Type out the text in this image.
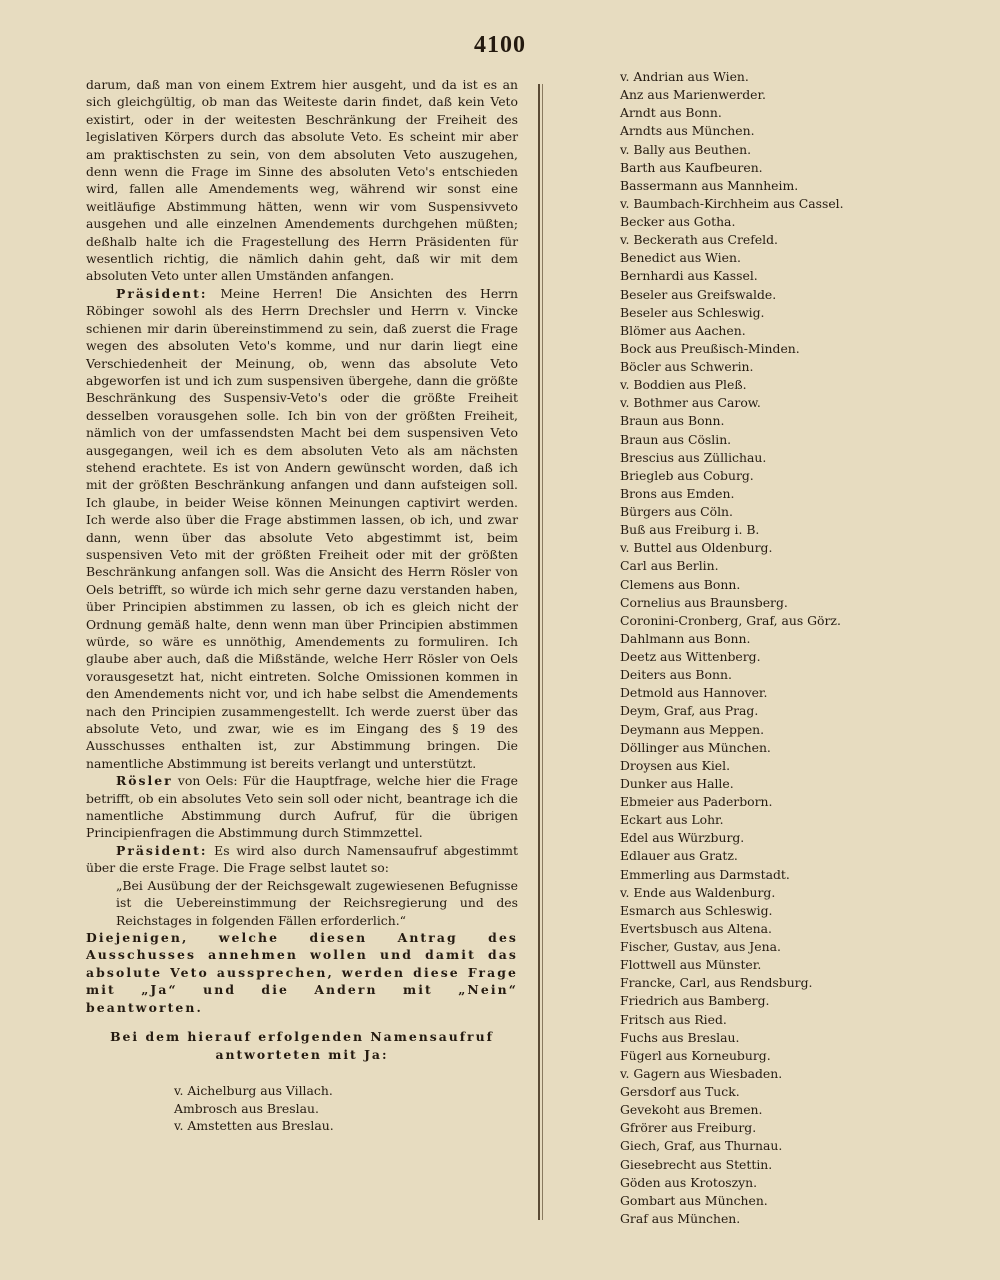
4100

darum, daß man von einem Extrem hier ausgeht, und da ist es an sich gleichgültig, ob man das Weiteste darin findet, daß kein Veto existirt, oder in der weitesten Beschränkung der Freiheit des legislativen Körpers durch das absolute Veto. Es scheint mir aber am praktischsten zu sein, von dem absoluten Veto auszugehen, denn wenn die Frage im Sinne des absoluten Veto's entschieden wird, fallen alle Amendements weg, während wir sonst eine weitläufige Abstimmung hätten, wenn wir vom Suspensivveto ausgehen und alle einzelnen Amendements durchgehen müßten; deßhalb halte ich die Fragestellung des Herrn Präsidenten für wesentlich richtig, die nämlich dahin geht, daß wir mit dem absoluten Veto unter allen Umständen anfangen.

Präsident: Meine Herren! Die Ansichten des Herrn Röbinger sowohl als des Herrn Drechsler und Herrn v. Vincke schienen mir darin übereinstimmend zu sein, daß zuerst die Frage wegen des absoluten Veto's komme, und nur darin liegt eine Verschiedenheit der Meinung, ob, wenn das absolute Veto abgeworfen ist und ich zum suspensiven übergehe, dann die größte Beschränkung des Suspensiv-Veto's oder die größte Freiheit desselben vorausgehen solle. Ich bin von der größten Freiheit, nämlich von der umfassendsten Macht bei dem suspensiven Veto ausgegangen, weil ich es dem absoluten Veto als am nächsten stehend erachtete. Es ist von Andern gewünscht worden, daß ich mit der größten Beschränkung anfangen und dann aufsteigen soll. Ich glaube, in beider Weise können Meinungen captivirt werden. Ich werde also über die Frage abstimmen lassen, ob ich, und zwar dann, wenn über das absolute Veto abgestimmt ist, beim suspensiven Veto mit der größten Freiheit oder mit der größten Beschränkung anfangen soll. Was die Ansicht des Herrn Rösler von Oels betrifft, so würde ich mich sehr gerne dazu verstanden haben, über Principien abstimmen zu lassen, ob ich es gleich nicht der Ordnung gemäß halte, denn wenn man über Principien abstimmen würde, so wäre es unnöthig, Amendements zu formuliren. Ich glaube aber auch, daß die Mißstände, welche Herr Rösler von Oels vorausgesetzt hat, nicht eintreten. Solche Omissionen kommen in den Amendements nicht vor, und ich habe selbst die Amendements nach den Principien zusammengestellt. Ich werde zuerst über das absolute Veto, und zwar, wie es im Eingang des § 19 des Ausschusses enthalten ist, zur Abstimmung bringen. Die namentliche Abstimmung ist bereits verlangt und unterstützt.

Rösler von Oels: Für die Hauptfrage, welche hier die Frage betrifft, ob ein absolutes Veto sein soll oder nicht, beantrage ich die namentliche Abstimmung durch Aufruf, für die übrigen Principienfragen die Abstimmung durch Stimmzettel.

Präsident: Es wird also durch Namensaufruf abgestimmt über die erste Frage. Die Frage selbst lautet so:

„Bei Ausübung der der Reichsgewalt zugewiesenen Befugnisse ist die Uebereinstimmung der Reichsregierung und des Reichstages in folgenden Fällen erforderlich.“

Diejenigen, welche diesen Antrag des Ausschusses annehmen wollen und damit das absolute Veto aussprechen, werden diese Frage mit „Ja“ und die Andern mit „Nein“ beantworten.

Bei dem hierauf erfolgenden Namensaufruf
antworteten mit Ja:
v. Aichelburg aus Villach.
Ambrosch aus Breslau.
v. Amstetten aus Breslau.
v. Andrian aus Wien.
Anz aus Marienwerder.
Arndt aus Bonn.
Arndts aus München.
v. Bally aus Beuthen.
Barth aus Kaufbeuren.
Bassermann aus Mannheim.
v. Baumbach-Kirchheim aus Cassel.
Becker aus Gotha.
v. Beckerath aus Crefeld.
Benedict aus Wien.
Bernhardi aus Kassel.
Beseler aus Greifswalde.
Beseler aus Schleswig.
Blömer aus Aachen.
Bock aus Preußisch-Minden.
Böcler aus Schwerin.
v. Boddien aus Pleß.
v. Bothmer aus Carow.
Braun aus Bonn.
Braun aus Cöslin.
Brescius aus Züllichau.
Briegleb aus Coburg.
Brons aus Emden.
Bürgers aus Cöln.
Buß aus Freiburg i. B.
v. Buttel aus Oldenburg.
Carl aus Berlin.
Clemens aus Bonn.
Cornelius aus Braunsberg.
Coronini-Cronberg, Graf, aus Görz.
Dahlmann aus Bonn.
Deetz aus Wittenberg.
Deiters aus Bonn.
Detmold aus Hannover.
Deym, Graf, aus Prag.
Deymann aus Meppen.
Döllinger aus München.
Droysen aus Kiel.
Dunker aus Halle.
Ebmeier aus Paderborn.
Eckart aus Lohr.
Edel aus Würzburg.
Edlauer aus Gratz.
Emmerling aus Darmstadt.
v. Ende aus Waldenburg.
Esmarch aus Schleswig.
Evertsbusch aus Altena.
Fischer, Gustav, aus Jena.
Flottwell aus Münster.
Francke, Carl, aus Rendsburg.
Friedrich aus Bamberg.
Fritsch aus Ried.
Fuchs aus Breslau.
Fügerl aus Korneuburg.
v. Gagern aus Wiesbaden.
Gersdorf aus Tuck.
Gevekoht aus Bremen.
Gfrörer aus Freiburg.
Giech, Graf, aus Thurnau.
Giesebrecht aus Stettin.
Göden aus Krotoszyn.
Gombart aus München.
Graf aus München.
